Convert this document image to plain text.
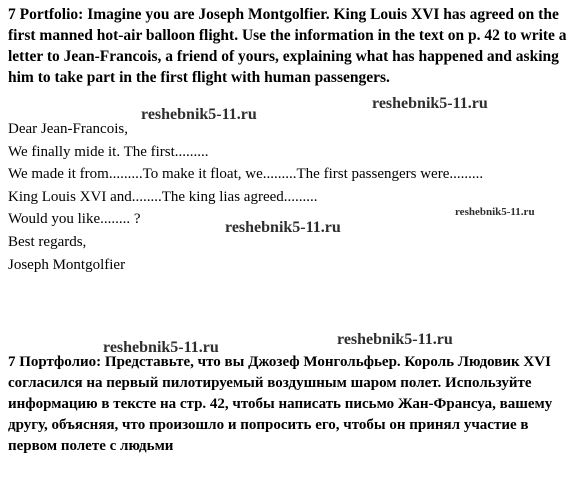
7 Portfolio: Imagine you are Joseph Montgolfier. King Louis XVI has agreed on the first manned hot-air balloon flight. Use the information in the text on p. 42 to write a letter to Jean-Francois, a friend of yours, explaining what has happened and asking him to take part in the first flight with human passengers.

Dear Jean-Francois,
We finally mide it. The first.........
We made it from.........To make it float, we.........The first passengers were.........
King Louis XVI and........The king lias agreed.........
Would you like........ ?
Best regards,
Joseph Montgolfier

7 Портфолио: Представьте, что вы Джозеф Монгольфьер. Король Людовик XVI согласился на первый пилотируемый воздушным шаром полет. Используйте информацию в тексте на стр. 42, чтобы написать письмо Жан-Франсуа, вашему другу, объясняя, что произошло и попросить его, чтобы он принял участие в первом полете с людьми

reshebnik5-11.ru
reshebnik5-11.ru
reshebnik5-11.ru
reshebnik5-11.ru
reshebnik5-11.ru	reshebnik5-11.ru
